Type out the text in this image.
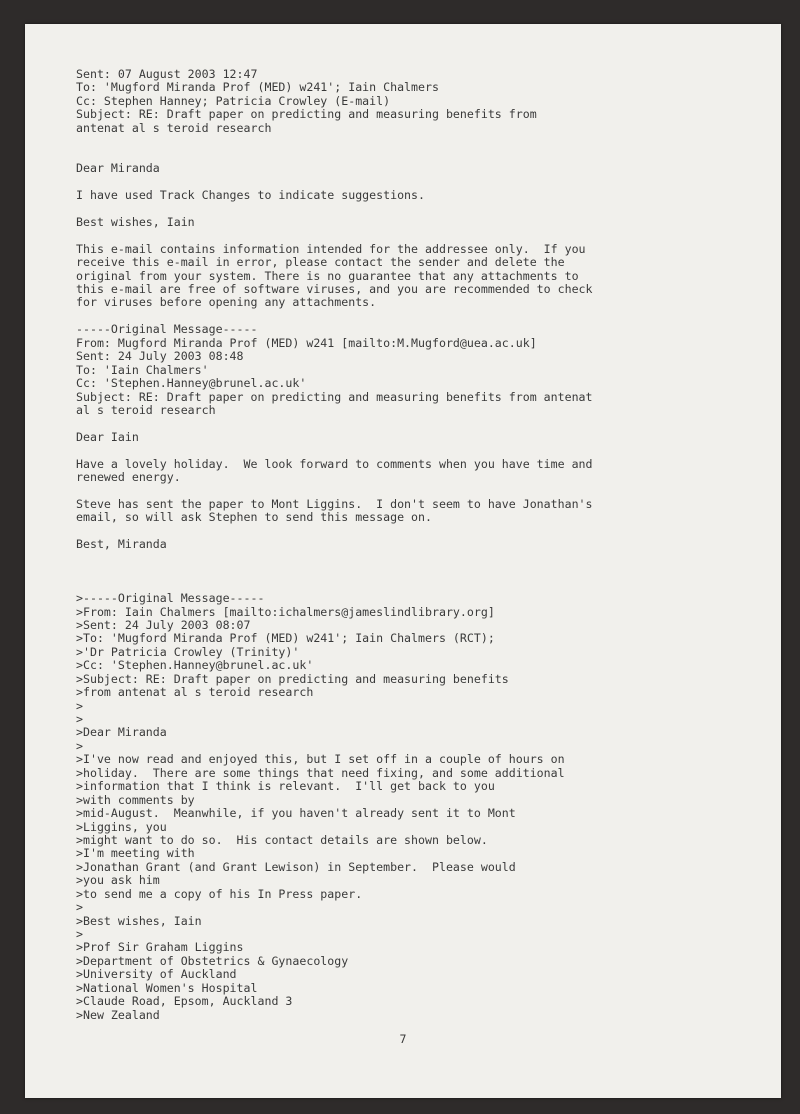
Sent: 07 August 2003 12:47
To: 'Mugford Miranda Prof (MED) w241'; Iain Chalmers
Cc: Stephen Hanney; Patricia Crowley (E-mail)
Subject: RE: Draft paper on predicting and measuring benefits from
antenat al s teroid research
Dear Miranda
I have used Track Changes to indicate suggestions.
Best wishes, Iain
This e-mail contains information intended for the addressee only.  If you
receive this e-mail in error, please contact the sender and delete the
original from your system. There is no guarantee that any attachments to
this e-mail are free of software viruses, and you are recommended to check
for viruses before opening any attachments.
-----Original Message-----
From: Mugford Miranda Prof (MED) w241 [mailto:M.Mugford@uea.ac.uk]
Sent: 24 July 2003 08:48
To: 'Iain Chalmers'
Cc: 'Stephen.Hanney@brunel.ac.uk'
Subject: RE: Draft paper on predicting and measuring benefits from antenat
al s teroid research
Dear Iain
Have a lovely holiday.  We look forward to comments when you have time and
renewed energy.
Steve has sent the paper to Mont Liggins.  I don't seem to have Jonathan's
email, so will ask Stephen to send this message on.
Best, Miranda
>-----Original Message-----
>From: Iain Chalmers [mailto:ichalmers@jameslindlibrary.org]
>Sent: 24 July 2003 08:07
>To: 'Mugford Miranda Prof (MED) w241'; Iain Chalmers (RCT);
>'Dr Patricia Crowley (Trinity)'
>Cc: 'Stephen.Hanney@brunel.ac.uk'
>Subject: RE: Draft paper on predicting and measuring benefits
>from antenat al s teroid research
>
>
>Dear Miranda
>
>I've now read and enjoyed this, but I set off in a couple of hours on
>holiday.  There are some things that need fixing, and some additional
>information that I think is relevant.  I'll get back to you
>with comments by
>mid-August.  Meanwhile, if you haven't already sent it to Mont
>Liggins, you
>might want to do so.  His contact details are shown below.
>I'm meeting with
>Jonathan Grant (and Grant Lewison) in September.  Please would
>you ask him
>to send me a copy of his In Press paper.
>
>Best wishes, Iain
>
>Prof Sir Graham Liggins
>Department of Obstetrics & Gynaecology
>University of Auckland
>National Women's Hospital
>Claude Road, Epsom, Auckland 3
>New Zealand
7
